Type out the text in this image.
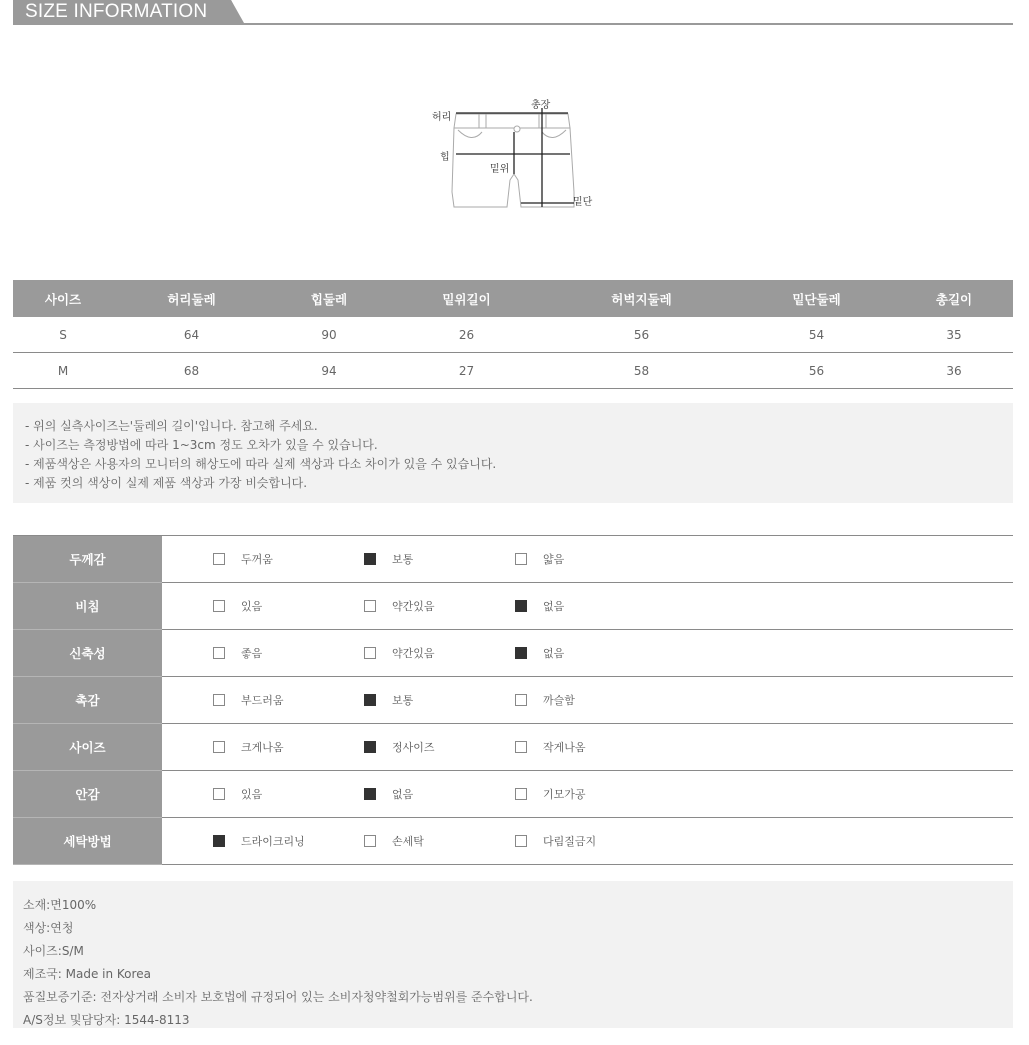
SIZE INFORMATION
허리
총장
힙
밑위
밑단
사이즈	허리둘레	힙둘레	밑위길이	허벅지둘레	밑단둘레	총길이
S	64	90	26	56	54	35
M	68	94	27	58	56	36
- 위의 실측사이즈는'둘레의 길이'입니다. 참고해 주세요.
- 사이즈는 측정방법에 따라 1~3cm 정도 오차가 있을 수 있습니다.
- 제품색상은 사용자의 모니터의 해상도에 따라 실제 색상과 다소 차이가 있을 수 있습니다.
- 제품 컷의 색상이 실제 제품 색상과 가장 비슷합니다.
두께감	두꺼움 보통 얇음

비침	있음 약간있음 없음

신축성	좋음 약간있음 없음

촉감	부드러움 보통 까슬함

사이즈	크게나옴 정사이즈 작게나옴

안감	있음 없음 기모가공

세탁방법	드라이크리닝 손세탁 다림질금지
소재:면100%
색상:연청
사이즈:S/M
제조국: Made in Korea
품질보증기준: 전자상거래 소비자 보호법에 규정되어 있는 소비자청약철회가능범위를 준수합니다.
A/S정보 및담당자: 1544-8113
